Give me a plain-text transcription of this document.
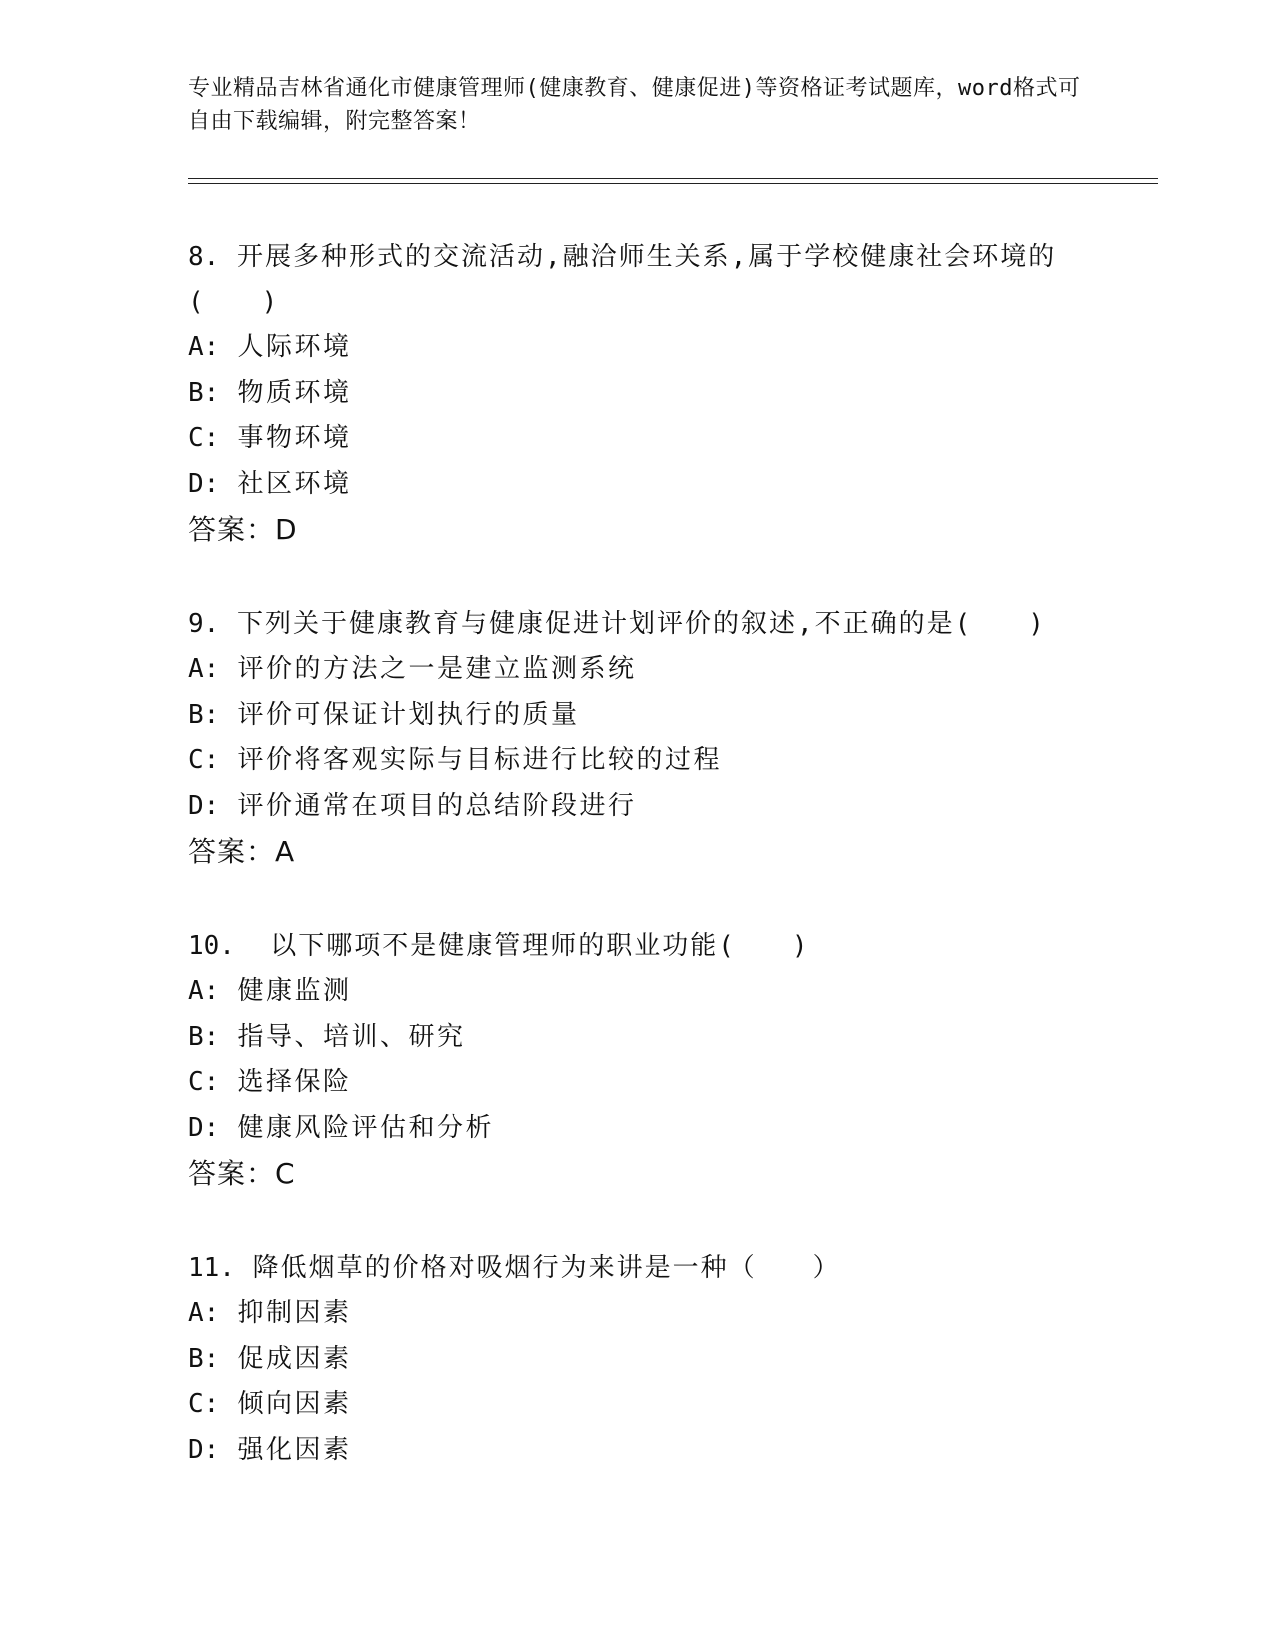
专业精品吉林省通化市健康管理师(健康教育、健康促进)等资格证考试题库，word格式可自由下载编辑，附完整答案！

8. 开展多种形式的交流活动,融洽师生关系,属于学校健康社会环境的(　　)

A: 人际环境

B: 物质环境

C: 事物环境

D: 社区环境

答案：D

9. 下列关于健康教育与健康促进计划评价的叙述,不正确的是(　　)

A: 评价的方法之一是建立监测系统

B: 评价可保证计划执行的质量

C: 评价将客观实际与目标进行比较的过程

D: 评价通常在项目的总结阶段进行

答案：A

10.  以下哪项不是健康管理师的职业功能(　　)

A: 健康监测

B: 指导、培训、研究

C: 选择保险

D: 健康风险评估和分析

答案：C

11. 降低烟草的价格对吸烟行为来讲是一种（　　）

A: 抑制因素

B: 促成因素

C: 倾向因素

D: 强化因素
